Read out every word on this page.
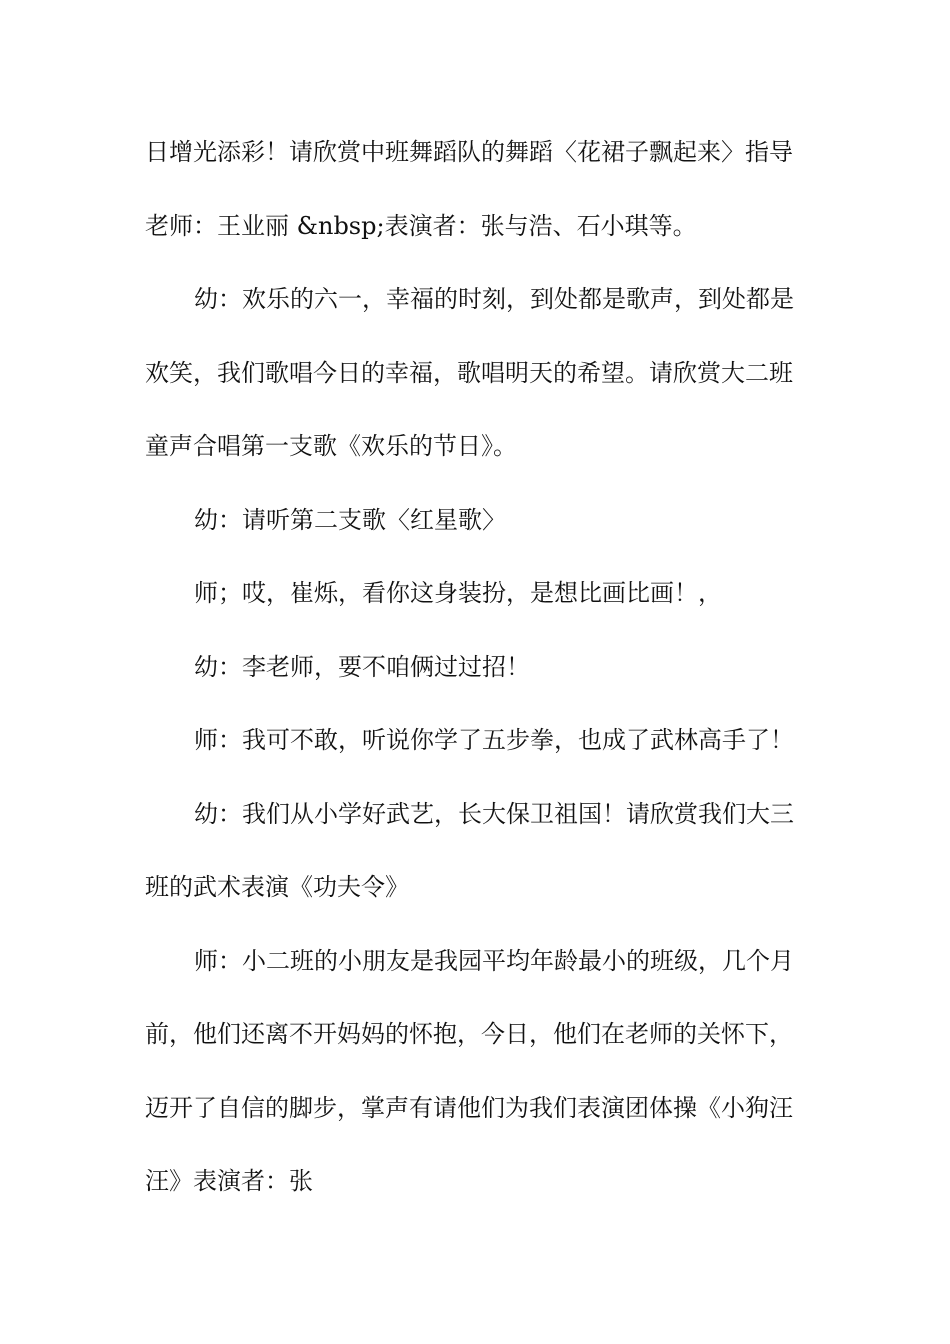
日增光添彩！请欣赏中班舞蹈队的舞蹈〈花裙子飘起来〉指导
老师：王业丽 &nbsp;表演者：张与浩、石小琪等。
幼：欢乐的六一，幸福的时刻，到处都是歌声，到处都是
欢笑，我们歌唱今日的幸福，歌唱明天的希望。请欣赏大二班
童声合唱第一支歌《欢乐的节日》。
幼：请听第二支歌〈红星歌〉
师；哎，崔烁，看你这身装扮，是想比画比画！，
幼：李老师，要不咱俩过过招！
师：我可不敢，听说你学了五步拳，也成了武林高手了！
幼：我们从小学好武艺，长大保卫祖国！请欣赏我们大三
班的武术表演《功夫令》
师：小二班的小朋友是我园平均年龄最小的班级，几个月
前，他们还离不开妈妈的怀抱，今日，他们在老师的关怀下，
迈开了自信的脚步，掌声有请他们为我们表演团体操《小狗汪
汪》表演者：张
